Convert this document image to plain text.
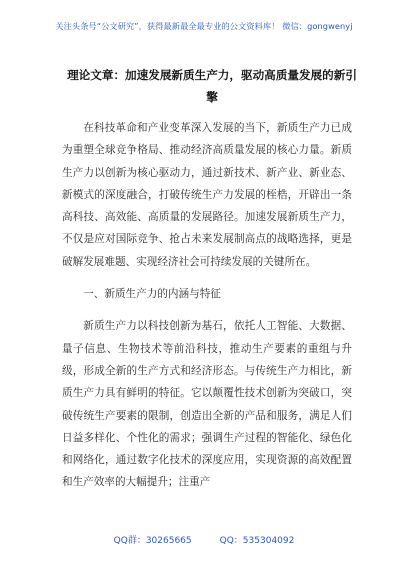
关注头条号“公文研究”，获得最新最全最专业的公文资料库！ 微信：gongwenyj
理论文章：加速发展新质生产力，驱动高质量发展的新引擎

在科技革命和产业变革深入发展的当下，新质生产力已成为重塑全球竞争格局、推动经济高质量发展的核心力量。新质生产力以创新为核心驱动力，通过新技术、新产业、新业态、新模式的深度融合，打破传统生产力发展的桎梏，开辟出一条高科技、高效能、高质量的发展路径。加速发展新质生产力，不仅是应对国际竞争、抢占未来发展制高点的战略选择，更是破解发展难题、实现经济社会可持续发展的关键所在。

一、新质生产力的内涵与特征

新质生产力以科技创新为基石，依托人工智能、大数据、量子信息、生物技术等前沿科技，推动生产要素的重组与升级，形成全新的生产方式和经济形态。与传统生产力相比，新质生产力具有鲜明的特征。它以颠覆性技术创新为突破口，突破传统生产要素的限制，创造出全新的产品和服务，满足人们日益多样化、个性化的需求；强调生产过程的智能化、绿色化和网络化，通过数字化技术的深度应用，实现资源的高效配置和生产效率的大幅提升；注重产

QQ群：30265665	QQ：535304092
